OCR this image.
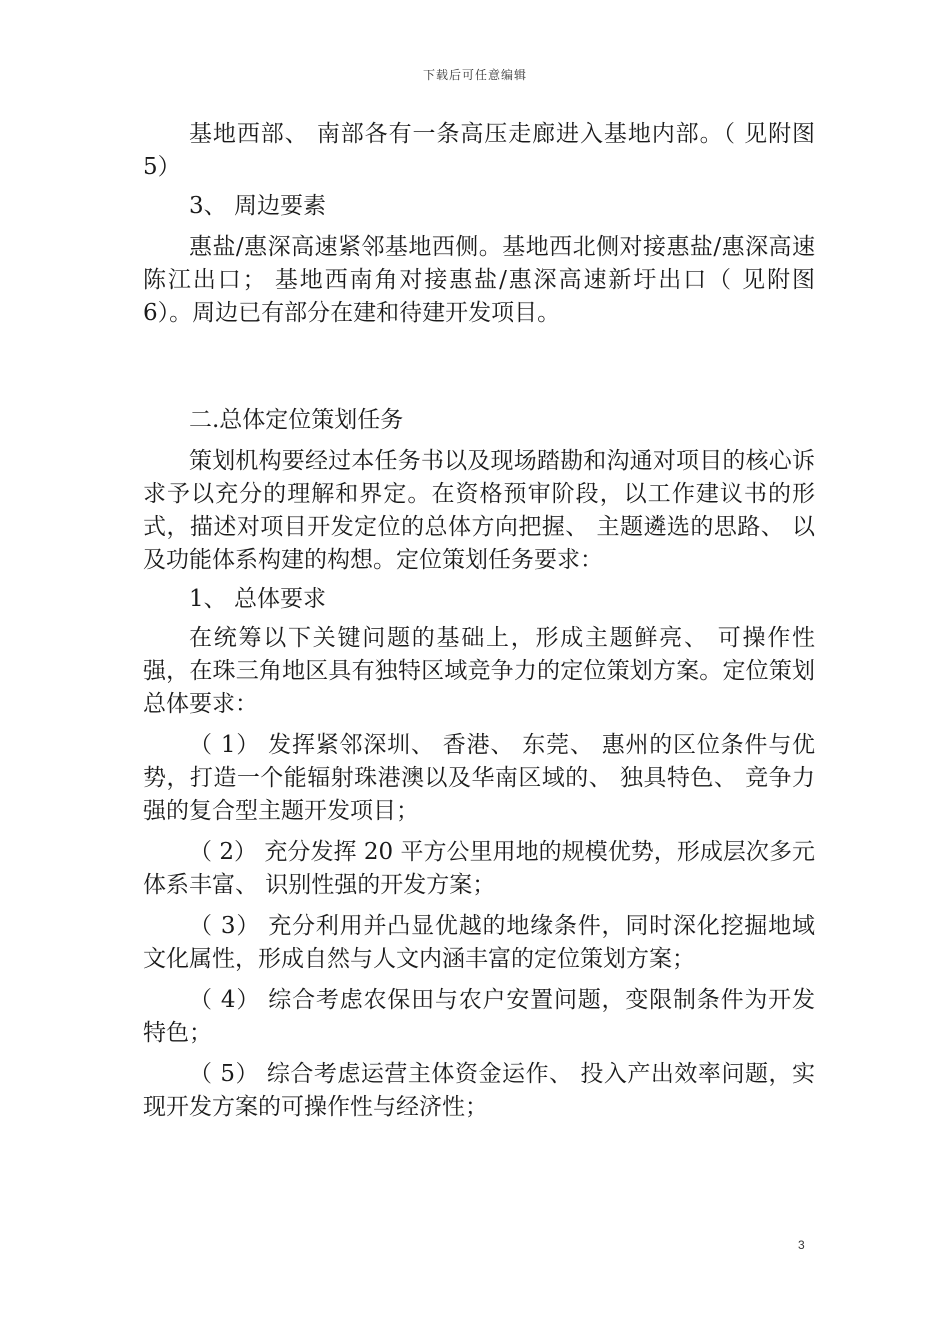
下载后可任意编辑

基地西部、 南部各有一条高压走廊进入基地内部。（ 见附图 5）

3、 周边要素

惠盐/惠深高速紧邻基地西侧。基地西北侧对接惠盐/惠深高速陈江出口； 基地西南角对接惠盐/惠深高速新圩出口（ 见附图 6）。周边已有部分在建和待建开发项目。

二.总体定位策划任务

策划机构要经过本任务书以及现场踏勘和沟通对项目的核心诉求予以充分的理解和界定。在资格预审阶段，以工作建议书的形式，描述对项目开发定位的总体方向把握、 主题遴选的思路、 以及功能体系构建的构想。定位策划任务要求：

1、 总体要求

在统筹以下关键问题的基础上，形成主题鲜亮、 可操作性强，在珠三角地区具有独特区域竞争力的定位策划方案。定位策划总体要求：

（ 1） 发挥紧邻深圳、 香港、 东莞、 惠州的区位条件与优势，打造一个能辐射珠港澳以及华南区域的、 独具特色、 竞争力强的复合型主题开发项目；

（ 2） 充分发挥 20 平方公里用地的规模优势，形成层次多元体系丰富、 识别性强的开发方案；

（ 3） 充分利用并凸显优越的地缘条件，同时深化挖掘地域文化属性，形成自然与人文内涵丰富的定位策划方案；

（ 4） 综合考虑农保田与农户安置问题，变限制条件为开发特色；

（ 5） 综合考虑运营主体资金运作、 投入产出效率问题，实现开发方案的可操作性与经济性；

3
